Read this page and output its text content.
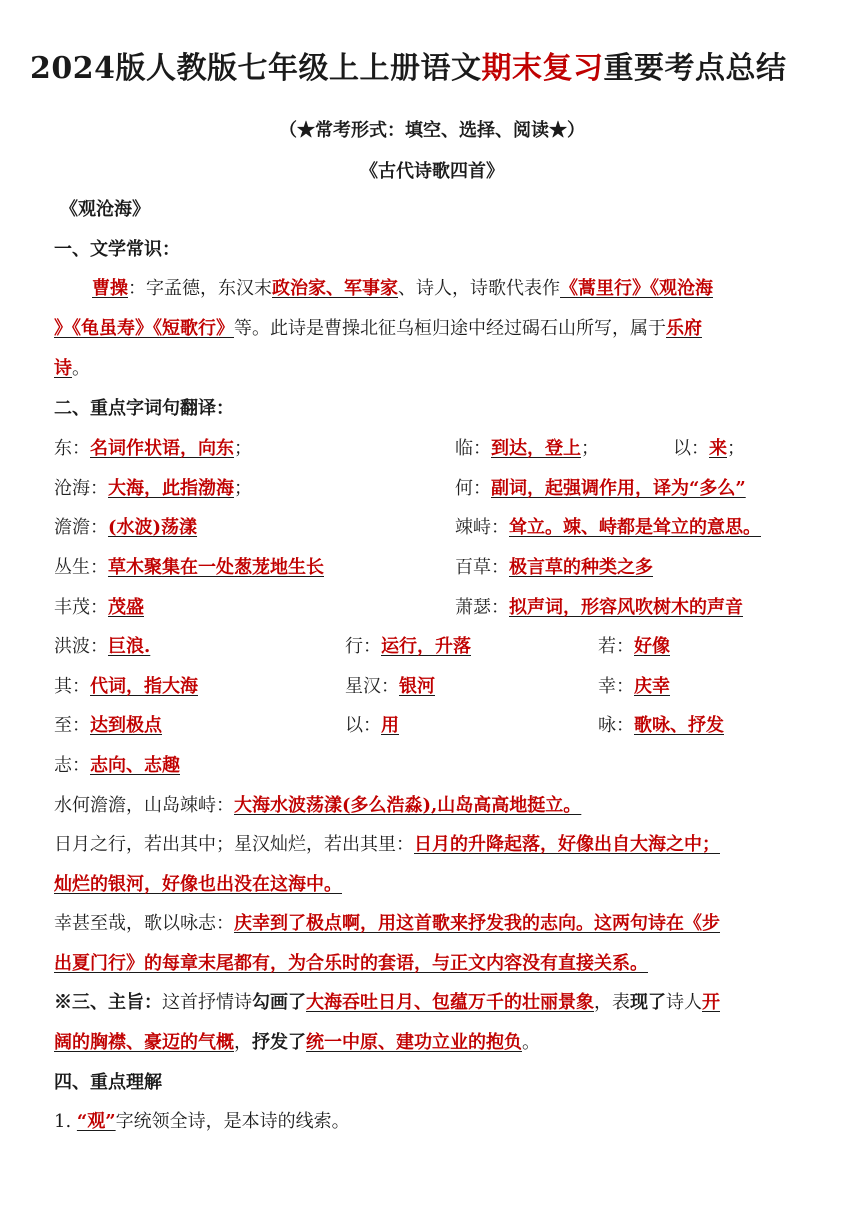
2024版人教版七年级上上册语文期末复习重要考点总结
（★常考形式：填空、选择、阅读★）
《古代诗歌四首》
《观沧海》
一、文学常识：
曹操：字孟德，东汉末政治家、军事家、诗人，诗歌代表作《蒿里行》《观沧海
》《龟虽寿》《短歌行》等。此诗是曹操北征乌桓归途中经过碣石山所写，属于乐府
诗。
二、重点字词句翻译：
东：名词作状语，向东；	临：到达，登上；	以：来；
沧海：大海，此指渤海；	何：副词，起强调作用，译为“多么”
澹澹：(水波)荡漾	竦峙：耸立。竦、峙都是耸立的意思。
丛生：草木聚集在一处葱茏地生长	百草：极言草的种类之多
丰茂：茂盛	萧瑟：拟声词，形容风吹树木的声音
洪波：巨浪.	行：运行，升落	若：好像
其：代词，指大海	星汉：银河	幸：庆幸
至：达到极点	以：用	咏：歌咏、抒发
志：志向、志趣
水何澹澹，山岛竦峙：大海水波荡漾(多么浩淼),山岛高高地挺立。
日月之行，若出其中；星汉灿烂，若出其里：日月的升降起落，好像出自大海之中；
灿烂的银河，好像也出没在这海中。
幸甚至哉，歌以咏志：庆幸到了极点啊，用这首歌来抒发我的志向。这两句诗在《步
出夏门行》的每章末尾都有，为合乐时的套语，与正文内容没有直接关系。
※三、主旨：这首抒情诗勾画了大海吞吐日月、包蕴万千的壮丽景象，表现了诗人开
阔的胸襟、豪迈的气概，抒发了统一中原、建功立业的抱负。
四、重点理解
1. “观”字统领全诗，是本诗的线索。
